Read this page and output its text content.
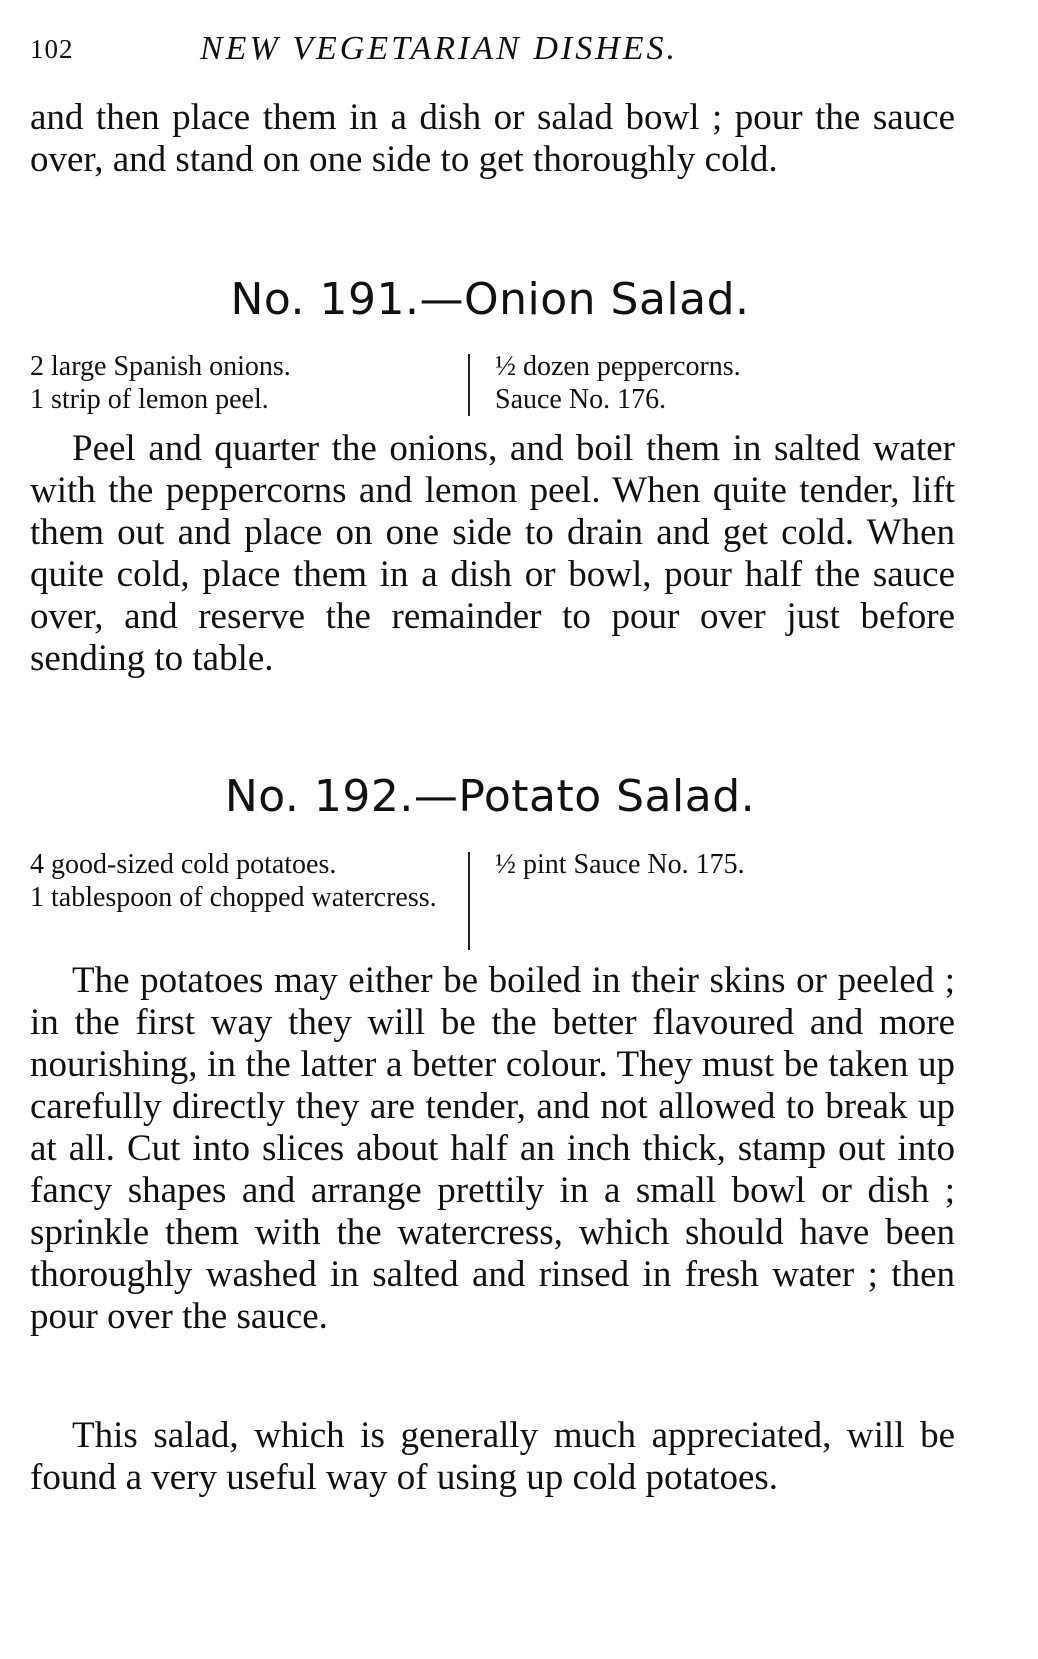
102	NEW VEGETARIAN DISHES.

and then place them in a dish or salad bowl ; pour the sauce over, and stand on one side to get thoroughly cold.

No. 191.—Onion Salad.
2 large Spanish onions.
1 strip of lemon peel.
½ dozen peppercorns.
Sauce No. 176.

Peel and quarter the onions, and boil them in salted water with the peppercorns and lemon peel. When quite tender, lift them out and place on one side to drain and get cold. When quite cold, place them in a dish or bowl, pour half the sauce over, and reserve the remainder to pour over just before sending to table.

No. 192.—Potato Salad.
4 good-sized cold potatoes.
1 tablespoon of chopped watercress.
½ pint Sauce No. 175.

The potatoes may either be boiled in their skins or peeled ; in the first way they will be the better flavoured and more nourishing, in the latter a better colour. They must be taken up carefully directly they are tender, and not allowed to break up at all. Cut into slices about half an inch thick, stamp out into fancy shapes and arrange prettily in a small bowl or dish ; sprinkle them with the watercress, which should have been thoroughly washed in salted and rinsed in fresh water ; then pour over the sauce.

This salad, which is generally much appreciated, will be found a very useful way of using up cold potatoes.
